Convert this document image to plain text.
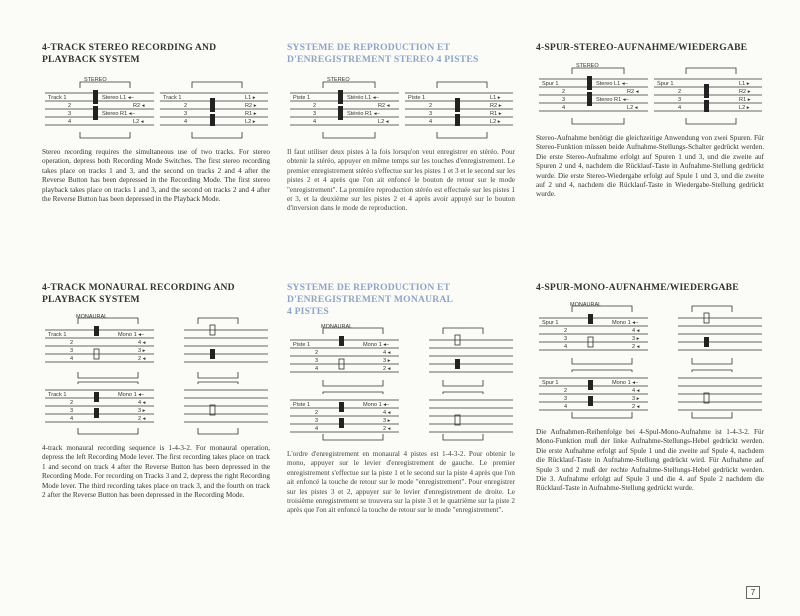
4-TRACK STEREO RECORDING AND
PLAYBACK SYSTEM

STEREO
Track 1
2
3
4
Stereo L1 ◂–
R2 ◂
Stereo R1 ◂–
L2 ◂
Track 1
2
3
4
L1 ▸
R2 ▸
R1 ▸
L2 ▸

Stereo recording requires the simultaneous use of two tracks. For stereo operation, depress both Recording Mode Switches. The first stereo recording takes place on tracks 1 and 3, and the second on tracks 2 and 4 after the Reverse Button has been depressed in the Recording Mode. The first stereo playback takes place on tracks 1 and 3, and the second on tracks 2 and 4 after the Reverse Button has been depressed in the Playback Mode.

4-TRACK MONAURAL RECORDING AND
PLAYBACK SYSTEM

MONAURAL
Track 1
2
3
4
Mono 1 ◂–
4 ◂
3 ▸
2 ◂
Track 1
2
3
4
Mono 1 ◂–
4 ◂
3 ▸
2 ◂

4-track monaural recording sequence is 1-4-3-2. For monaural operation, depress the left Recording Mode lever. The first recording takes place on track 1 and second on track 4 after the Reverse Button has been depressed in the Recording Mode. For recording on Tracks 3 and 2, depress the right Recording Mode lever. The third recording takes place on track 3, and the fourth on track 2 after the Reverse Button has been depressed in the Recording Mode.

SYSTEME DE REPRODUCTION ET
D'ENREGISTREMENT STEREO 4 PISTES

STEREO
Piste 1
2
3
4
Stéréo L1 ◂–
R2 ◂
Stéréo R1 ◂–
L2 ◂
Piste 1
2
3
4
L1 ▸
R2 ▸
R1 ▸
L2 ▸

Il faut utiliser deux pistes à la fois lorsqu'on veut enregistrer en stéréo. Pour obtenir la stéréo, appuyer en même temps sur les touches d'enregistrement. Le premier enregistrement stéréo s'effectue sur les pistes 1 et 3 et le second sur les pistes 2 et 4 après que l'on ait enfoncé le bouton de retour sur le mode "enregistrement". La première reproduction stéréo est effectuée sur les pistes 1 et 3, et la deuxième sur les pistes 2 et 4 après avoir appuyé sur le bouton d'inversion dans le mode de reproduction.

SYSTEME DE REPRODUCTION ET
D'ENREGISTREMENT MONAURAL
4 PISTES

MONAURAL
Piste 1
2
3
4
Mono 1 ◂–
4 ◂
3 ▸
2 ◂
Piste 1
2
3
4
Mono 1 ◂–
4 ◂
3 ▸
2 ◂

L'ordre d'enregistrement en monaural 4 pistes est 1-4-3-2. Pour obtenir le mono, appuyer sur le levier d'enregistrement de gauche. Le premier enregistrement s'effectue sur la piste 1 et le second sur la piste 4 après que l'on ait enfoncé la touche de retour sur le mode "enregistrement". Pour enregistrer sur les pistes 3 et 2, appuyer sur le levier d'enregistrement de droite. Le troisième enregistrement se trouvera sur la piste 3 et le quatrième sur la piste 2 après que l'on ait enfoncé la touche de retour sur le mode "enregistrement".

4-SPUR-STEREO-AUFNAHME/WIEDERGABE

STEREO
Spur 1
2
3
4
Stereo L1 ◂–
R2 ◂
Stereo R1 ◂–
L2 ◂
Spur 1
2
3
4
L1 ▸
R2 ▸
R1 ▸
L2 ▸

Stereo-Aufnahme benötigt die gleichzeitige Anwendung von zwei Spuren. Für Stereo-Funktion müssen beide Aufnahme-Stellungs-Schalter gedrückt werden. Die erste Stereo-Aufnahme erfolgt auf Spuren 1 und 3, und die zweite auf Spuren 2 und 4, nachdem die Rücklauf-Taste in Aufnahme-Stellung gedrückt wurde. Die erste Stereo-Wiedergabe erfolgt auf Spule 1 und 3, und die zweite auf 2 und 4, nachdem die Rücklauf-Taste in Wiedergabe-Stellung gedrückt wurde.

4-SPUR-MONO-AUFNAHME/WIEDERGABE

MONAURAL
Spur 1
2
3
4
Mono 1 ◂–
4 ◂
3 ▸
2 ◂
Spur 1
2
3
4
Mono 1 ◂–
4 ◂
3 ▸
2 ◂

Die Aufnahmen-Reihenfolge bei 4-Spul-Mono-Aufnahme ist 1-4-3-2. Für Mono-Funktion muß der linke Aufnahme-Stellungs-Hebel gedrückt werden. Die erste Aufnahme erfolgt auf Spule 1 und die zweite auf Spule 4, nachdem die Rücklauf-Taste in Aufnahme-Stellung gedrückt wird. Für Aufnahme auf Spule 3 und 2 muß der rechte Aufnahme-Stellungs-Hebel gedrückt werden. Die 3. Aufnahme erfolgt auf Spule 3 und die 4. auf Spule 2 nachdem die Rücklauf-Taste in Aufnahme-Stellung gedrückt wurde.

7
